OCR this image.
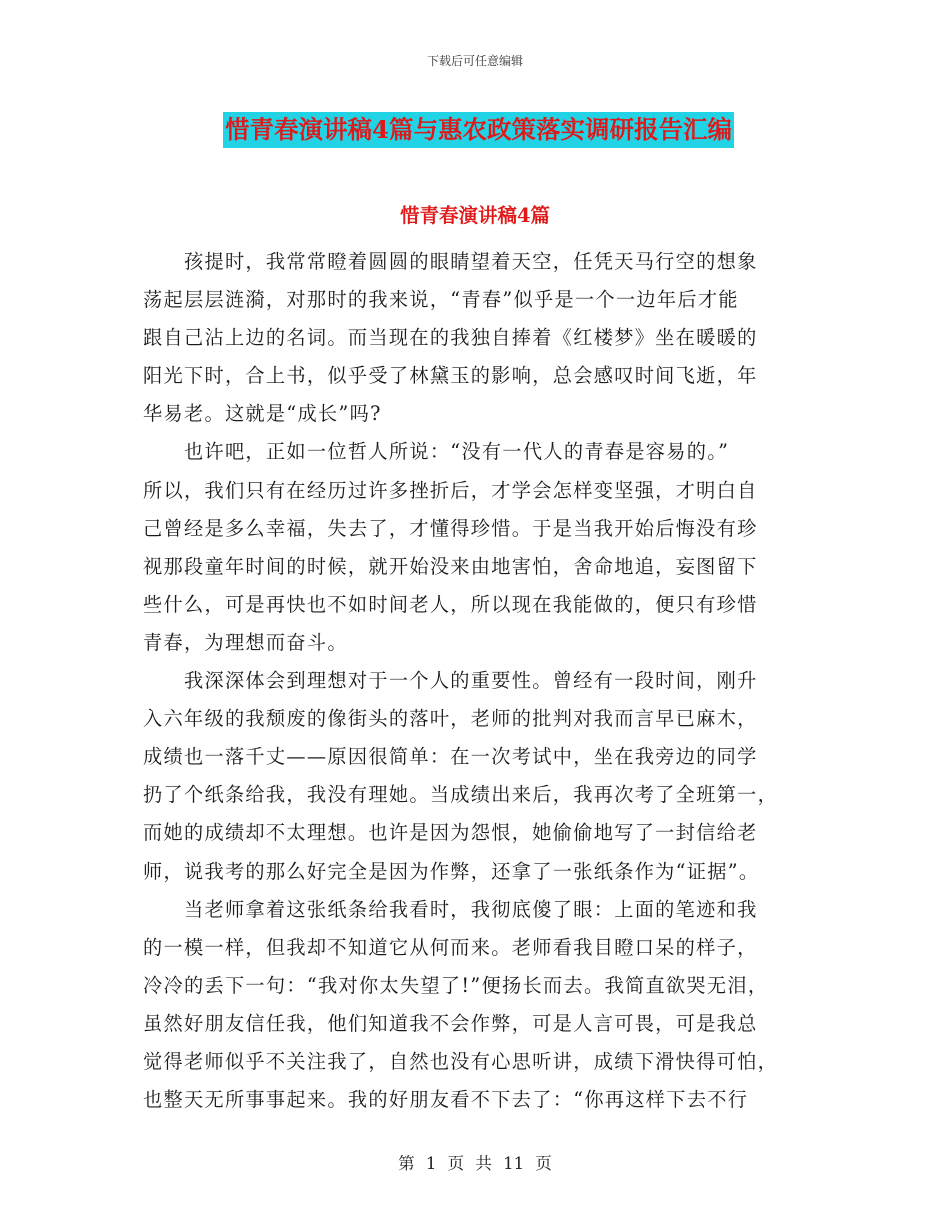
下载后可任意编辑
惜青春演讲稿4篇与惠农政策落实调研报告汇编
惜青春演讲稿4篇
　　孩提时，我常常瞪着圆圆的眼睛望着天空，任凭天马行空的想象
荡起层层涟漪，对那时的我来说，“青春”似乎是一个一边年后才能
跟自己沾上边的名词。而当现在的我独自捧着《红楼梦》坐在暖暖的
阳光下时，合上书，似乎受了林黛玉的影响，总会感叹时间飞逝，年
华易老。这就是“成长”吗?
　　也许吧，正如一位哲人所说：“没有一代人的青春是容易的。”
所以，我们只有在经历过许多挫折后，才学会怎样变坚强，才明白自
己曾经是多么幸福，失去了，才懂得珍惜。于是当我开始后悔没有珍
视那段童年时间的时候，就开始没来由地害怕，舍命地追，妄图留下
些什么，可是再快也不如时间老人，所以现在我能做的，便只有珍惜
青春，为理想而奋斗。
　　我深深体会到理想对于一个人的重要性。曾经有一段时间，刚升
入六年级的我颓废的像街头的落叶，老师的批判对我而言早已麻木，
成绩也一落千丈——原因很简单：在一次考试中，坐在我旁边的同学
扔了个纸条给我，我没有理她。当成绩出来后，我再次考了全班第一，
而她的成绩却不太理想。也许是因为怨恨，她偷偷地写了一封信给老
师，说我考的那么好完全是因为作弊，还拿了一张纸条作为“证据”。
　　当老师拿着这张纸条给我看时，我彻底傻了眼：上面的笔迹和我
的一模一样，但我却不知道它从何而来。老师看我目瞪口呆的样子，
冷冷的丢下一句：“我对你太失望了!”便扬长而去。我简直欲哭无泪，
虽然好朋友信任我，他们知道我不会作弊，可是人言可畏，可是我总
觉得老师似乎不关注我了，自然也没有心思听讲，成绩下滑快得可怕，
也整天无所事事起来。我的好朋友看不下去了：“你再这样下去不行
第 1 页 共 11 页
